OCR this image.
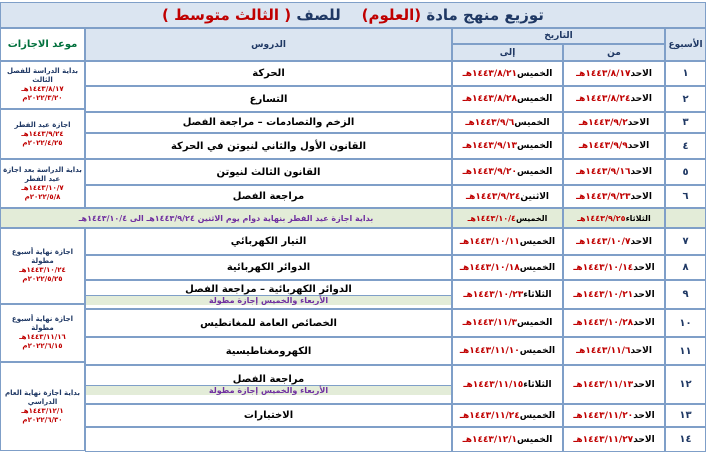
توزيع منهج مادة (العلوم)    للصف ( الثالث متوسط )
الأسبوع
التاريخ
من
إلى
الدروس
موعد الاجازات
١
الاحد
١٤٤٣/٨/١٧هـ
الخميس
١٤٤٣/٨/٢١هـ
الحركة
٢
الاحد
١٤٤٣/٨/٢٤هـ
الخميس
١٤٤٣/٨/٢٨هـ
التسارع
٣
الاحد
١٤٤٣/٩/٢هـ
الخميس
١٤٤٣/٩/٦هـ
الزخم والتصادمات – مراجعة الفصل
٤
الاحد
١٤٤٣/٩/٩هـ
الخميس
١٤٤٣/٩/١٣هـ
القانون الأول والثاني لنيوتن في الحركة
٥
الاحد
١٤٤٣/٩/١٦هـ
الخميس
١٤٤٣/٩/٢٠هـ
القانون الثالث لنيوتن
٦
الاحد
١٤٤٣/٩/٢٣هـ
الاثنين
١٤٤٣/٩/٢٤هـ
مراجعة الفصل
٧
الاحد
١٤٤٣/١٠/٧هـ
الخميس
١٤٤٣/١٠/١١هـ
التيار الكهربائي
٨
الاحد
١٤٤٣/١٠/١٤هـ
الخميس
١٤٤٣/١٠/١٨هـ
الدوائر الكهربائية
٩
الاحد
١٤٤٣/١٠/٢١هـ
الثلاثاء
١٤٤٣/١٠/٢٣هـ
الدوائر الكهربائية – مراجعة الفصل
الأربعاء والخميس إجازة مطولة
١٠
الاحد
١٤٤٣/١٠/٢٨هـ
الخميس
١٤٤٣/١١/٣هـ
الخصائص العامة للمغانطيس
١١
الاحد
١٤٤٣/١١/٦هـ
الخميس
١٤٤٣/١١/١٠هـ
الكهرومغناطيسية
١٢
الاحد
١٤٤٣/١١/١٣هـ
الثلاثاء
١٤٤٣/١١/١٥هـ
مراجعة الفصل
الأربعاء والخميس إجازة مطولة
١٣
الاحد
١٤٤٣/١١/٢٠هـ
الخميس
١٤٤٣/١١/٢٤هـ
الاختبارات
١٤
الاحد
١٤٤٣/١١/٢٧هـ
الخميس
١٤٤٣/١٢/١هـ
الثلاثاء
١٤٤٣/٩/٢٥هـ
الخميس
١٤٤٣/١٠/٤هـ
بداية اجازة عيد الفطر بنهاية دوام يوم الاثنين ١٤٤٣/٩/٢٤هـ الى ١٤٤٣/١٠/٤هـ
بداية الدراسة للفصل الثالث
١٤٤٣/٨/١٧هـ
٢٠٢٢/٣/٢٠م
اجازة عيد الفطر
١٤٤٣/٩/٢٤هـ
٢٠٢٢/٤/٢٥م
بداية الدراسة بعد اجازة عيد الفطر
١٤٤٣/١٠/٧هـ
٢٠٢٢/٥/٨م
اجازة نهاية أسبوع مطولة
١٤٤٣/١٠/٢٤هـ
٢٠٢٢/٥/٢٥م
اجازة نهاية أسبوع مطولة
١٤٤٣/١١/١٦هـ
٢٠٢٢/٦/١٥م
بداية اجازة نهاية العام الدراسي
١٤٤٣/١٢/١هـ
٢٠٢٢/٦/٣٠م
